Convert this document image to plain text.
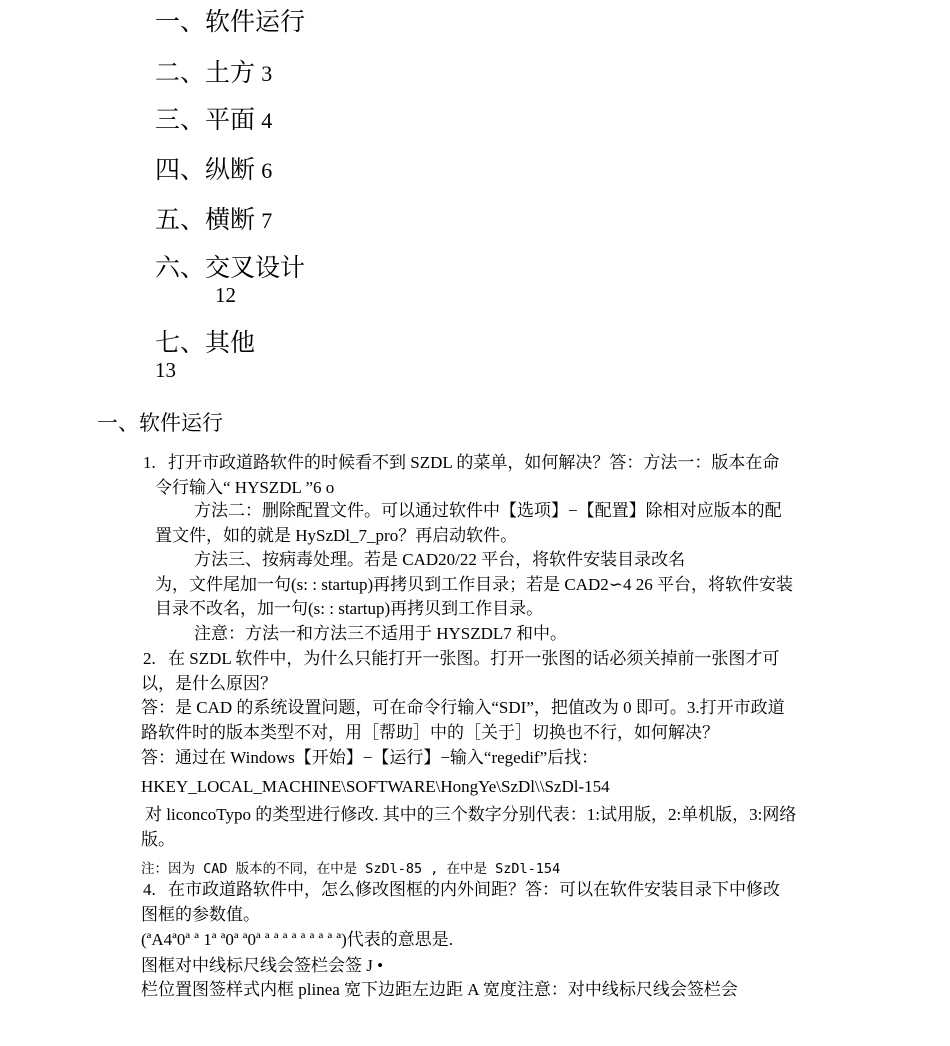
一、软件运行
二、土方 3
三、平面 4
四、纵断 6
五、横断 7
六、交叉设计
12
七、其他
13
一、软件运行
1. 打开市政道路软件的时候看不到 SZDL 的菜单，如何解决？答：方法一：版本在命
令行输入“ HYSZDL ”6 o
方法二：删除配置文件。可以通过软件中【选项】−【配置】除相对应版本的配
置文件，如的就是 HySzDl_7_pro？再启动软件。
方法三、按病毒处理。若是 CAD20/22 平台，将软件安装目录改名
为，文件尾加一句(s: : startup)再拷贝到工作目录；若是 CAD2∽4 26 平台，将软件安装
目录不改名，加一句(s: : startup)再拷贝到工作目录。
注意：方法一和方法三不适用于 HYSZDL7 和中。
2. 在 SZDL 软件中，为什么只能打开一张图。打开一张图的话必须关掉前一张图才可
以，是什么原因？
答：是 CAD 的系统设置问题，可在命令行输入“SDI”，把值改为 0 即可。3.打开市政道
路软件时的版本类型不对，用［帮助］中的［关于］切换也不行，如何解决？
答：通过在 Windows【开始】−【运行】−输入“regedif”后找：
HKEY_LOCAL_MACHINE\SOFTWARE\HongYe\SzDl\\SzDl-154
对 liconcoTypo 的类型进行修改. 其中的三个数字分别代表：1:试用版，2:单机版，3:网络
版。
注：因为 CAD 版本的不同，在中是 SzDl-85 , 在中是 SzDl-154
4. 在市政道路软件中，怎么修改图框的内外间距？答：可以在软件安装目录下中修改
图框的参数值。
(ªA4ª0ª ª 1ª ª0ª ª0ª ª ª ª ª ª ª ª ª ª)代表的意思是.
图框对中线标尺线会签栏会签 J •
栏位置图签样式内框 plinea 宽下边距左边距 A 宽度注意：对中线标尺线会签栏会
